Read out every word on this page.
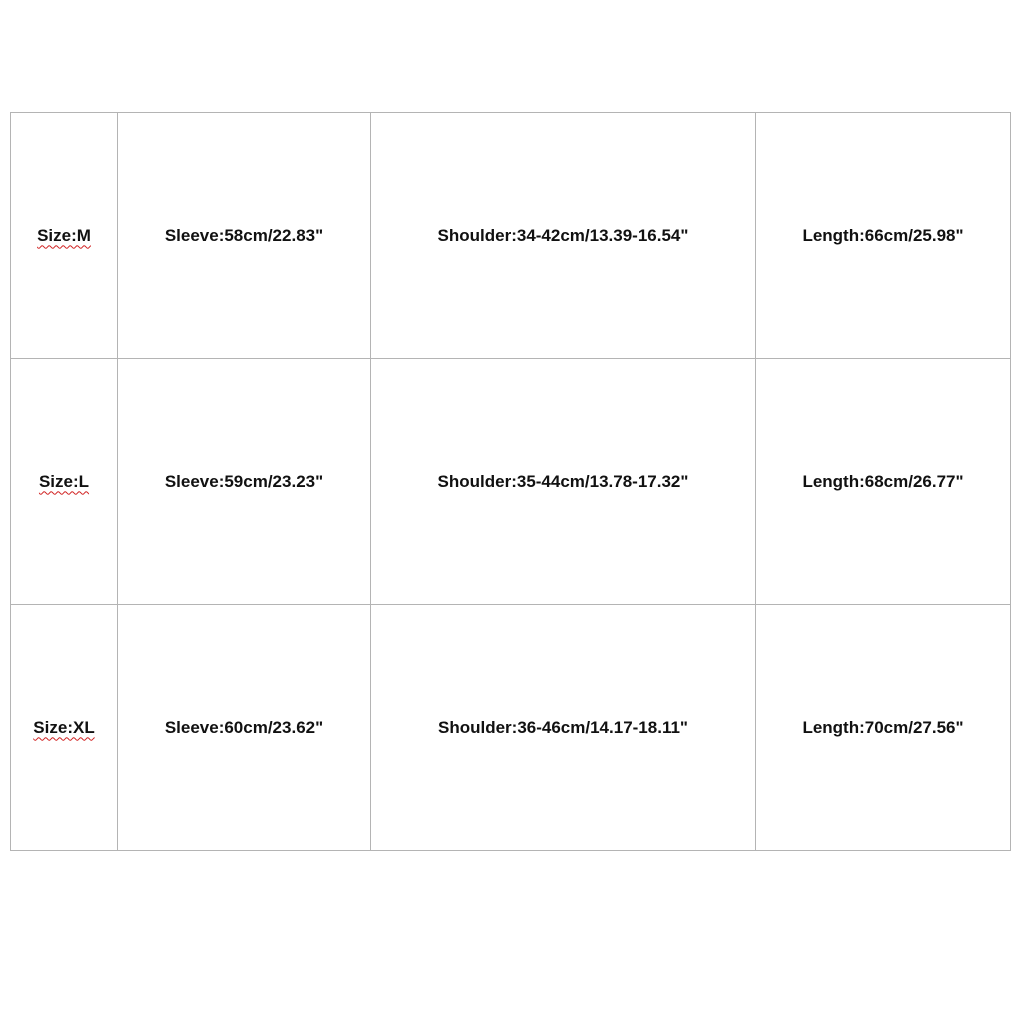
Size:M	Sleeve:58cm/22.83"	Shoulder:34-42cm/13.39-16.54"	Length:66cm/25.98"
Size:L	Sleeve:59cm/23.23"	Shoulder:35-44cm/13.78-17.32"	Length:68cm/26.77"
Size:XL	Sleeve:60cm/23.62"	Shoulder:36-46cm/14.17-18.11"	Length:70cm/27.56"
